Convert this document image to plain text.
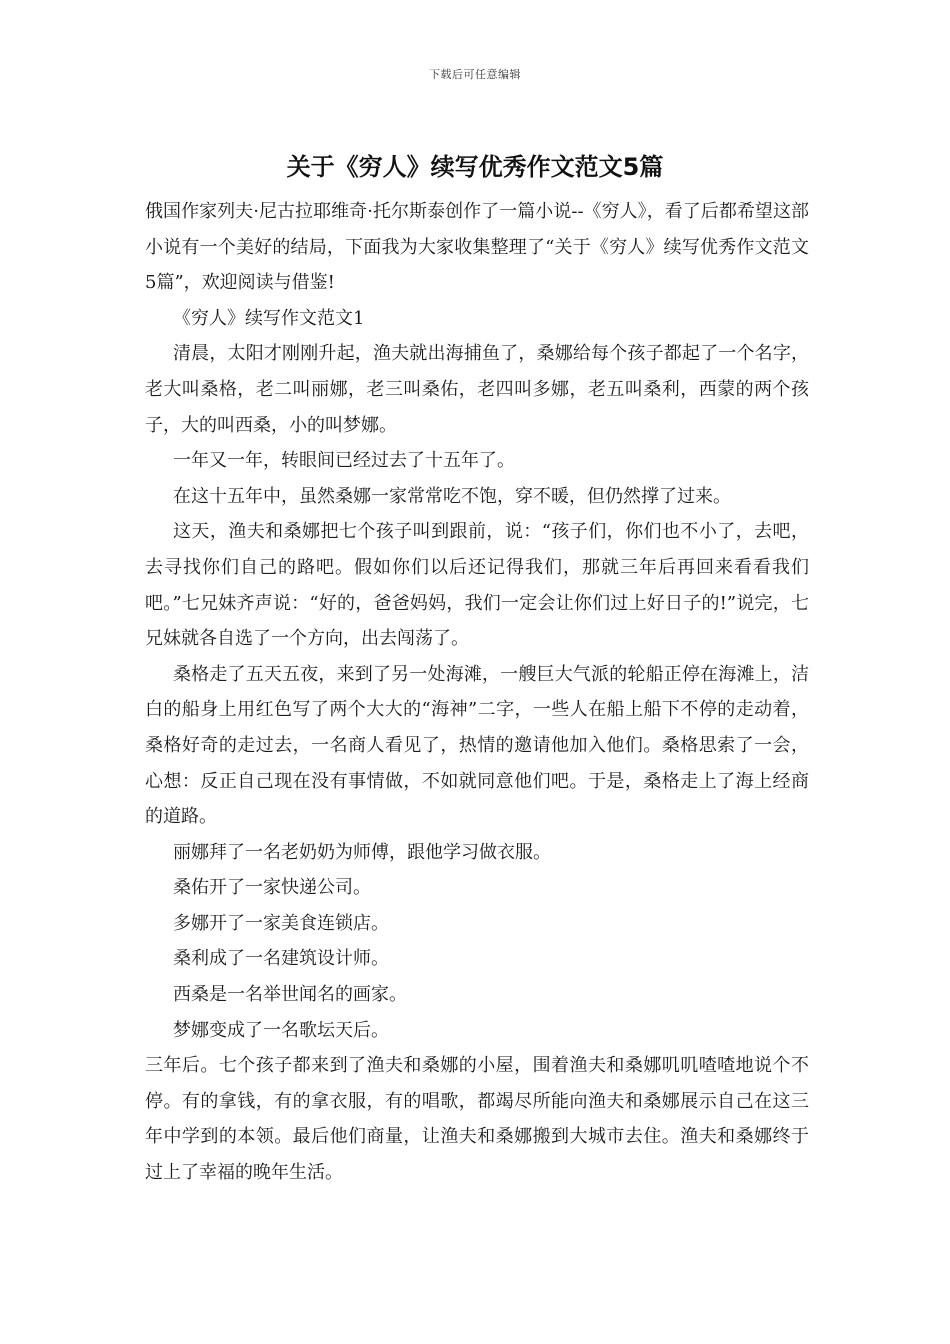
下载后可任意编辑
关于《穷人》续写优秀作文范文5篇

俄国作家列夫·尼古拉耶维奇·托尔斯泰创作了一篇小说--《穷人》，看了后都希望这部小说有一个美好的结局，下面我为大家收集整理了“关于《穷人》续写优秀作文范文5篇”，欢迎阅读与借鉴!

《穷人》续写作文范文1

清晨，太阳才刚刚升起，渔夫就出海捕鱼了，桑娜给每个孩子都起了一个名字，老大叫桑格，老二叫丽娜，老三叫桑佑，老四叫多娜，老五叫桑利，西蒙的两个孩子，大的叫西桑，小的叫梦娜。

一年又一年，转眼间已经过去了十五年了。

在这十五年中，虽然桑娜一家常常吃不饱，穿不暖，但仍然撑了过来。

这天，渔夫和桑娜把七个孩子叫到跟前，说：“孩子们，你们也不小了，去吧，去寻找你们自己的路吧。假如你们以后还记得我们，那就三年后再回来看看我们吧。”七兄妹齐声说：“好的，爸爸妈妈，我们一定会让你们过上好日子的!”说完，七兄妹就各自选了一个方向，出去闯荡了。

桑格走了五天五夜，来到了另一处海滩，一艘巨大气派的轮船正停在海滩上，洁白的船身上用红色写了两个大大的“海神”二字，一些人在船上船下不停的走动着，桑格好奇的走过去，一名商人看见了，热情的邀请他加入他们。桑格思索了一会，心想：反正自己现在没有事情做，不如就同意他们吧。于是，桑格走上了海上经商的道路。

丽娜拜了一名老奶奶为师傅，跟他学习做衣服。

桑佑开了一家快递公司。

多娜开了一家美食连锁店。

桑利成了一名建筑设计师。

西桑是一名举世闻名的画家。

梦娜变成了一名歌坛天后。

三年后。七个孩子都来到了渔夫和桑娜的小屋，围着渔夫和桑娜叽叽喳喳地说个不停。有的拿钱，有的拿衣服，有的唱歌，都竭尽所能向渔夫和桑娜展示自己在这三年中学到的本领。最后他们商量，让渔夫和桑娜搬到大城市去住。渔夫和桑娜终于过上了幸福的晚年生活。
